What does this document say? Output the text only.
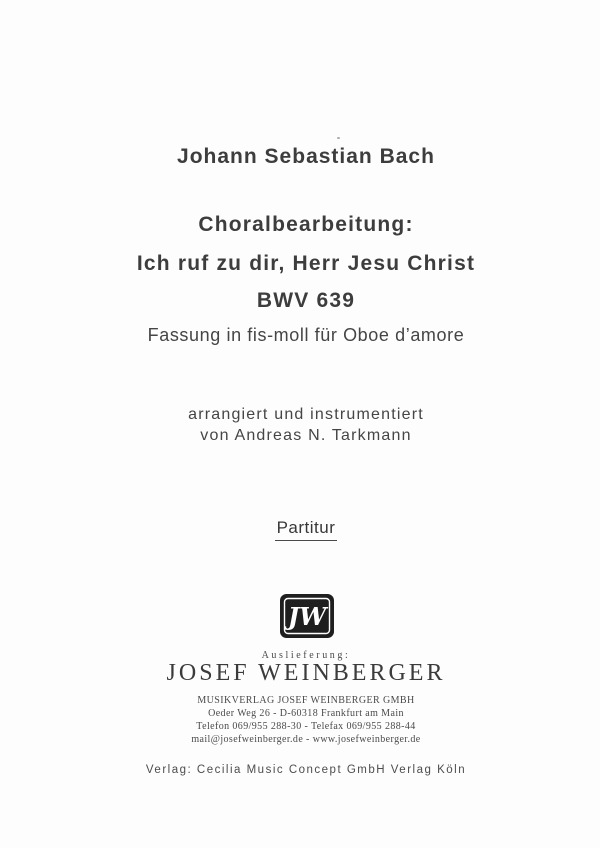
Johann Sebastian Bach
Choralbearbeitung:
Ich ruf zu dir, Herr Jesu Christ
BWV 639
Fassung in fis-moll für Oboe d’amore
arrangiert und instrumentiert
von Andreas N. Tarkmann
Partitur
JW
Auslieferung:
JOSEF WEINBERGER
MUSIKVERLAG JOSEF WEINBERGER GMBH
Oeder Weg 26 - D-60318 Frankfurt am Main
Telefon 069/955 288-30 - Telefax 069/955 288-44
mail@josefweinberger.de - www.josefweinberger.de
Verlag: Cecilia Music Concept GmbH Verlag Köln
